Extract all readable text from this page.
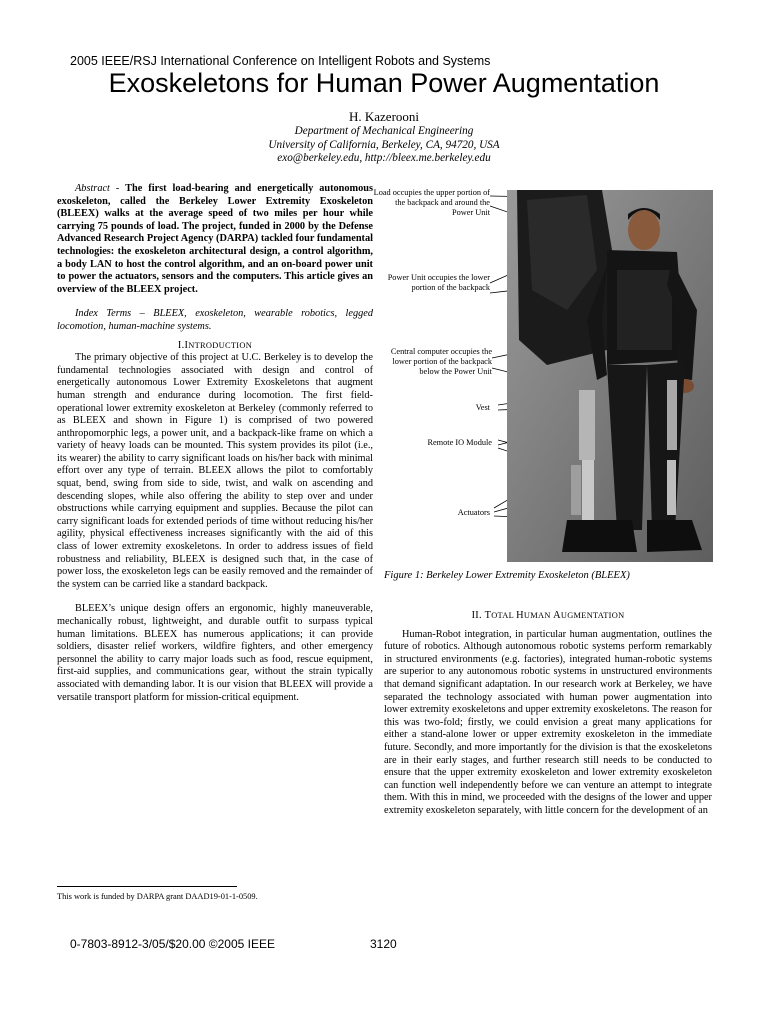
2005 IEEE/RSJ International Conference on Intelligent Robots and Systems
Exoskeletons for Human Power Augmentation
H. Kazerooni
Department of Mechanical Engineering
University of California, Berkeley, CA, 94720, USA
exo@berkeley.edu, http://bleex.me.berkeley.edu

Abstract - The first load-bearing and energetically autonomous exoskeleton, called the Berkeley Lower Extremity Exoskeleton (BLEEX) walks at the average speed of two miles per hour while carrying 75 pounds of load. The project, funded in 2000 by the Defense Advanced Research Project Agency (DARPA) tackled four fundamental technologies: the exoskeleton architectural design, a control algorithm, a body LAN to host the control algorithm, and an on-board power unit to power the actuators, sensors and the computers. This article gives an overview of the BLEEX project.

Index Terms – BLEEX, exoskeleton, wearable robotics, legged locomotion, human-machine systems.

I.INTRODUCTION

The primary objective of this project at U.C. Berkeley is to develop the fundamental technologies associated with design and control of energetically autonomous Lower Extremity Exoskeletons that augment human strength and endurance during locomotion. The first field-operational lower extremity exoskeleton at Berkeley (commonly referred to as BLEEX and shown in Figure 1) is comprised of two powered anthropomorphic legs, a power unit, and a backpack-like frame on which a variety of heavy loads can be mounted. This system provides its pilot (i.e., its wearer) the ability to carry significant loads on his/her back with minimal effort over any type of terrain. BLEEX allows the pilot to comfortably squat, bend, swing from side to side, twist, and walk on ascending and descending slopes, while also offering the ability to step over and under obstructions while carrying equipment and supplies. Because the pilot can carry significant loads for extended periods of time without reducing his/her agility, physical effectiveness increases significantly with the aid of this class of lower extremity exoskeletons. In order to address issues of field robustness and reliability, BLEEX is designed such that, in the case of power loss, the exoskeleton legs can be easily removed and the remainder of the system can be carried like a standard backpack.

BLEEX’s unique design offers an ergonomic, highly maneuverable, mechanically robust, lightweight, and durable outfit to surpass typical human limitations. BLEEX has numerous applications; it can provide soldiers, disaster relief workers, wildfire fighters, and other emergency personnel the ability to carry major loads such as food, rescue equipment, first-aid supplies, and communications gear, without the strain typically associated with demanding labor. It is our vision that BLEEX will provide a versatile transport platform for mission-critical equipment.

This work is funded by DARPA grant DAAD19-01-1-0509.
Load occupies the upper portion of the backpack and around the Power Unit
Power Unit occupies the lower portion of the backpack
Central computer occupies the lower portion of the backpack below the Power Unit
Vest
Remote IO Module
Actuators
Figure 1: Berkeley Lower Extremity Exoskeleton (BLEEX)

II. TOTAL HUMAN AUGMENTATION

Human-Robot integration, in particular human augmentation, outlines the future of robotics. Although autonomous robotic systems perform remarkably in structured environments (e.g. factories), integrated human-robotic systems are superior to any autonomous robotic systems in unstructured environments that demand significant adaptation. In our research work at Berkeley, we have separated the technology associated with human power augmentation into lower extremity exoskeletons and upper extremity exoskeletons. The reason for this was two-fold; firstly, we could envision a great many applications for either a stand-alone lower or upper extremity exoskeleton in the immediate future. Secondly, and more importantly for the division is that the exoskeletons are in their early stages, and further research still needs to be conducted to ensure that the upper extremity exoskeleton and lower extremity exoskeleton can function well independently before we can venture an attempt to integrate them. With this in mind, we proceeded with the designs of the lower and upper extremity exoskeleton separately, with little concern for the development of an

0-7803-8912-3/05/$20.00 ©2005 IEEE	3120
